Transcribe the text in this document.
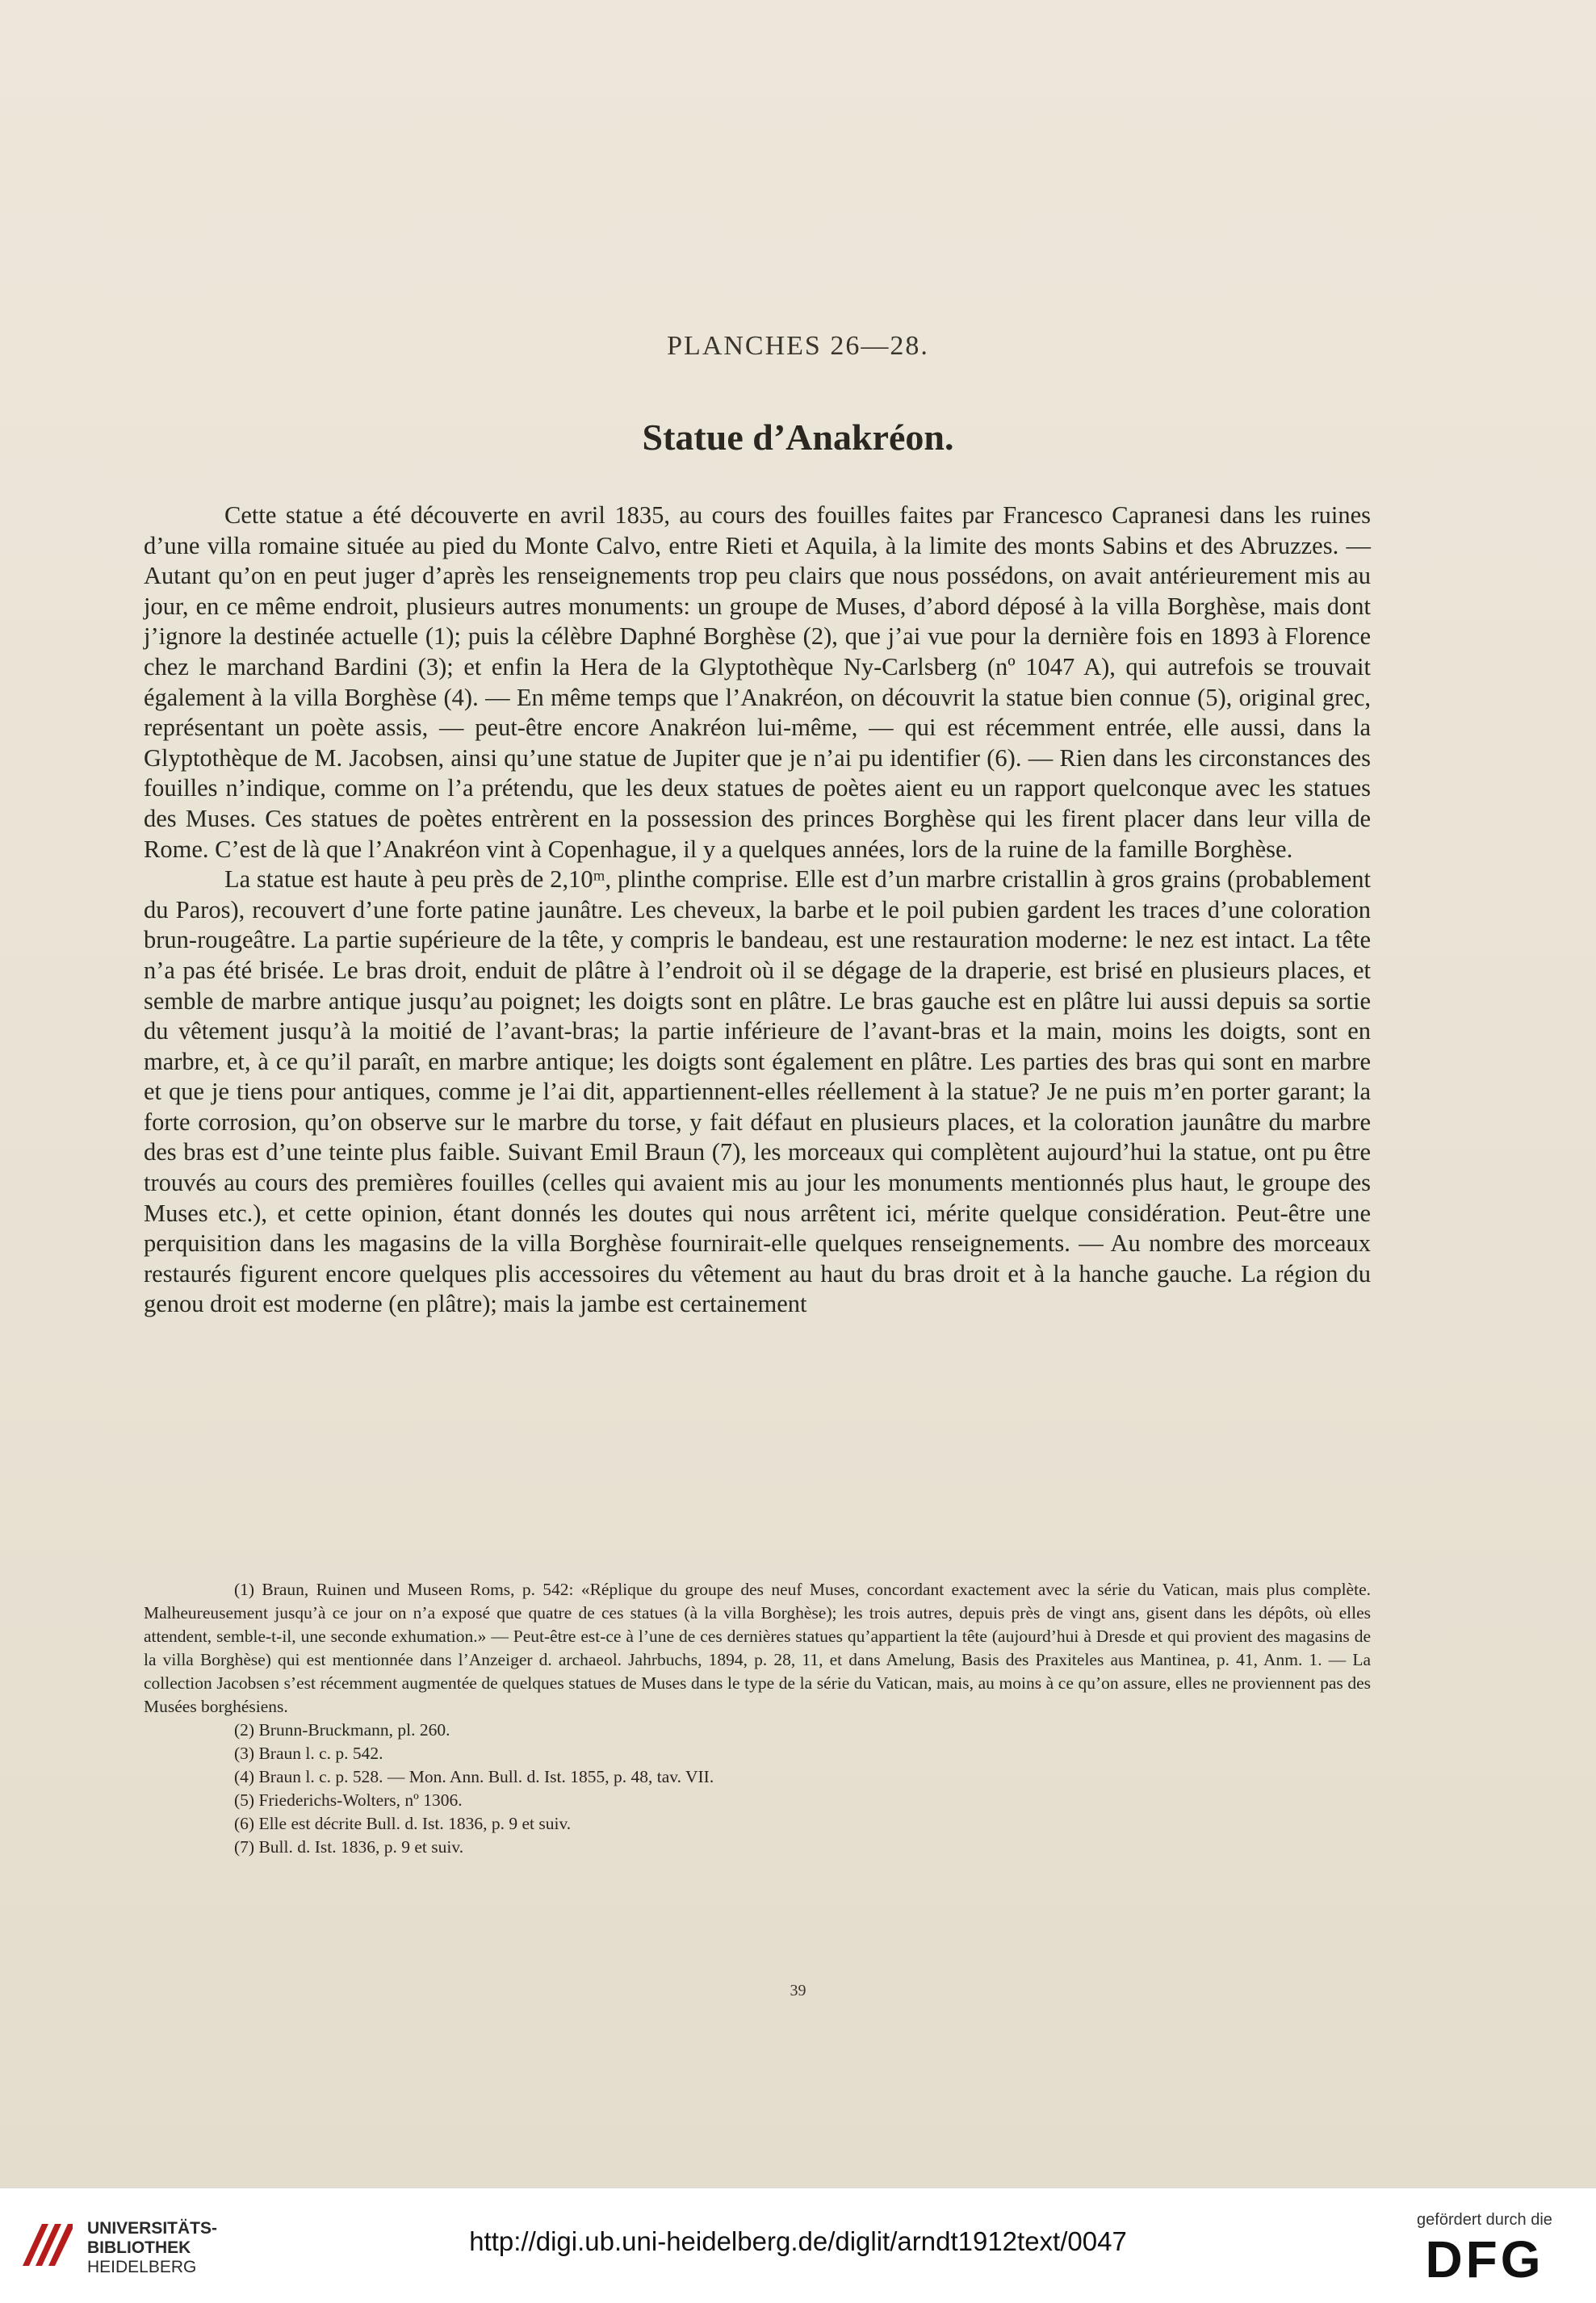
PLANCHES 26—28.
Statue d’Anakréon.

Cette statue a été découverte en avril 1835, au cours des fouilles faites par Francesco Capranesi dans les ruines d’une villa romaine située au pied du Monte Calvo, entre Rieti et Aquila, à la limite des monts Sabins et des Abruzzes. — Autant qu’on en peut juger d’après les renseignements trop peu clairs que nous possédons, on avait antérieurement mis au jour, en ce même endroit, plusieurs autres monuments: un groupe de Muses, d’abord déposé à la villa Borghèse, mais dont j’ignore la destinée actuelle (1); puis la célèbre Daphné Borghèse (2), que j’ai vue pour la dernière fois en 1893 à Florence chez le marchand Bardini (3); et enfin la Hera de la Glyptothèque Ny-Carlsberg (nº 1047 A), qui autrefois se trouvait également à la villa Borghèse (4). — En même temps que l’Anakréon, on découvrit la statue bien connue (5), original grec, représentant un poète assis, — peut-être encore Anakréon lui-même, — qui est récemment entrée, elle aussi, dans la Glyptothèque de M. Jacobsen, ainsi qu’une statue de Jupiter que je n’ai pu identifier (6). — Rien dans les circonstances des fouilles n’indique, comme on l’a prétendu, que les deux statues de poètes aient eu un rapport quelconque avec les statues des Muses. Ces statues de poètes entrèrent en la possession des princes Borghèse qui les firent placer dans leur villa de Rome. C’est de là que l’Anakréon vint à Copenhague, il y a quelques années, lors de la ruine de la famille Borghèse.

La statue est haute à peu près de 2,10ᵐ, plinthe comprise. Elle est d’un marbre cristallin à gros grains (probablement du Paros), recouvert d’une forte patine jaunâtre. Les cheveux, la barbe et le poil pubien gardent les traces d’une coloration brun-rougeâtre. La partie supérieure de la tête, y compris le bandeau, est une restauration moderne: le nez est intact. La tête n’a pas été brisée. Le bras droit, enduit de plâtre à l’endroit où il se dégage de la draperie, est brisé en plusieurs places, et semble de marbre antique jusqu’au poignet; les doigts sont en plâtre. Le bras gauche est en plâtre lui aussi depuis sa sortie du vêtement jusqu’à la moitié de l’avant-bras; la partie inférieure de l’avant-bras et la main, moins les doigts, sont en marbre, et, à ce qu’il paraît, en marbre antique; les doigts sont également en plâtre. Les parties des bras qui sont en marbre et que je tiens pour antiques, comme je l’ai dit, appartiennent-elles réellement à la statue? Je ne puis m’en porter garant; la forte corrosion, qu’on observe sur le marbre du torse, y fait défaut en plusieurs places, et la coloration jaunâtre du marbre des bras est d’une teinte plus faible. Suivant Emil Braun (7), les morceaux qui complètent aujourd’hui la statue, ont pu être trouvés au cours des premières fouilles (celles qui avaient mis au jour les monuments mentionnés plus haut, le groupe des Muses etc.), et cette opinion, étant donnés les doutes qui nous arrêtent ici, mérite quelque considération. Peut-être une perquisition dans les magasins de la villa Borghèse fournirait-elle quelques renseignements. — Au nombre des morceaux restaurés figurent encore quelques plis accessoires du vêtement au haut du bras droit et à la hanche gauche. La région du genou droit est moderne (en plâtre); mais la jambe est certainement

(1) Braun, Ruinen und Museen Roms, p. 542: «Réplique du groupe des neuf Muses, concordant exactement avec la série du Vatican, mais plus complète. Malheureusement jusqu’à ce jour on n’a exposé que quatre de ces statues (à la villa Borghèse); les trois autres, depuis près de vingt ans, gisent dans les dépôts, où elles attendent, semble-t-il, une seconde exhumation.» — Peut-être est-ce à l’une de ces dernières statues qu’appartient la tête (aujourd’hui à Dresde et qui provient des magasins de la villa Borghèse) qui est mentionnée dans l’Anzeiger d. archaeol. Jahrbuchs, 1894, p. 28, 11, et dans Amelung, Basis des Praxiteles aus Mantinea, p. 41, Anm. 1. — La collection Jacobsen s’est récemment augmentée de quelques statues de Muses dans le type de la série du Vatican, mais, au moins à ce qu’on assure, elles ne proviennent pas des Musées borghésiens.

(2) Brunn-Bruckmann, pl. 260.

(3) Braun l. c. p. 542.

(4) Braun l. c. p. 528. — Mon. Ann. Bull. d. Ist. 1855, p. 48, tav. VII.

(5) Friederichs-Wolters, nº 1306.

(6) Elle est décrite Bull. d. Ist. 1836, p. 9 et suiv.

(7) Bull. d. Ist. 1836, p. 9 et suiv.

39
UNIVERSITÄTS-
BIBLIOTHEK
HEIDELBERG
http://digi.ub.uni-heidelberg.de/diglit/arndt1912text/0047
gefördert durch die
DFG
